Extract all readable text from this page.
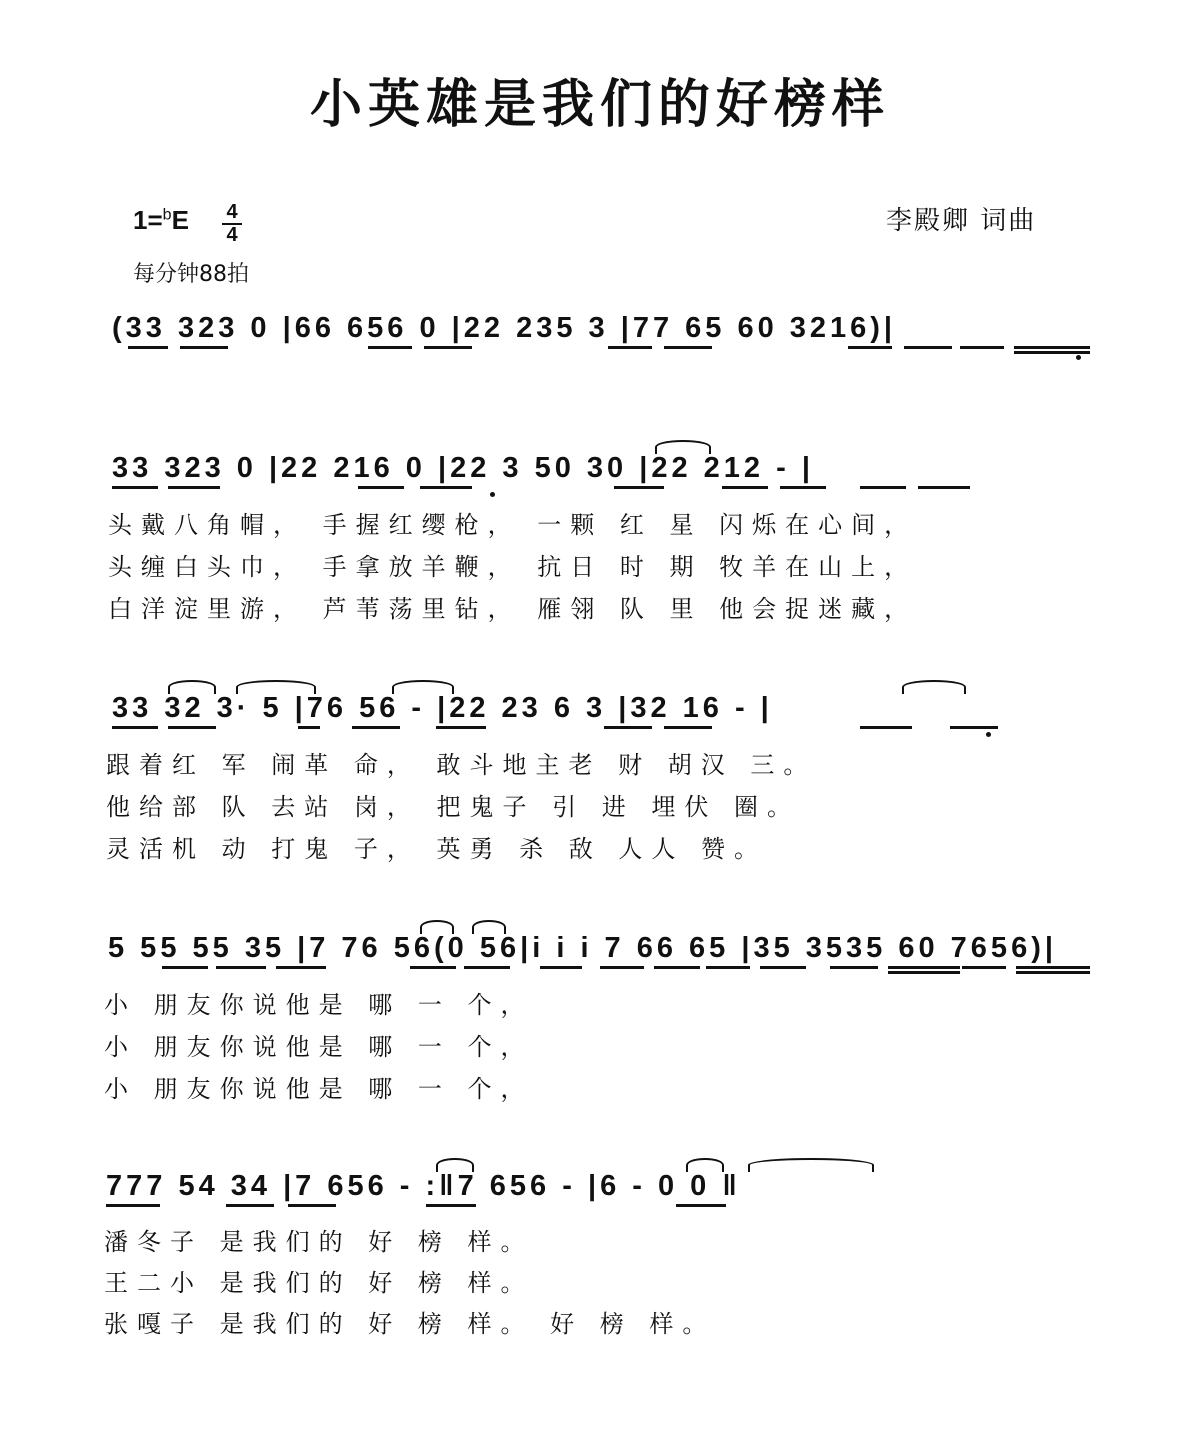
小英雄是我们的好榜样
1=$^b$E 4
4
每分钟88拍
李殿卿 词曲
(33 323 0 |66 656 0 |22 235 3 |77 65 60 3216)|
33 323 0 |22 216 0 |22 3 50 30 |22 212 - |
头戴八角帽， 手握红缨枪， 一颗 红 星 闪烁在心间，
头缠白头巾， 手拿放羊鞭， 抗日 时 期 牧羊在山上，
白洋淀里游， 芦苇荡里钻， 雁翎 队 里 他会捉迷藏，
33 32 3· 5 |76 56 - |22 23 6 3 |32 16 - |
跟着红 军 闹革 命， 敢斗地主老 财 胡汉 三。
他给部 队 去站 岗， 把鬼子 引 进 埋伏 圈。
灵活机 动 打鬼 子， 英勇 杀 敌 人人 赞。
5 55 55 35 |7 76 56(0 56|i i i 7 66 65 |35 3535 60 7656)|
小 朋友你说他是 哪 一 个，
小 朋友你说他是 哪 一 个，
小 朋友你说他是 哪 一 个，
777 54 34 |7 656 - :‖7 656 - |6 - 0 0 ‖
潘冬子 是我们的 好 榜 样。
王二小 是我们的 好 榜 样。
张嘎子 是我们的 好 榜 样。 好 榜 样。
